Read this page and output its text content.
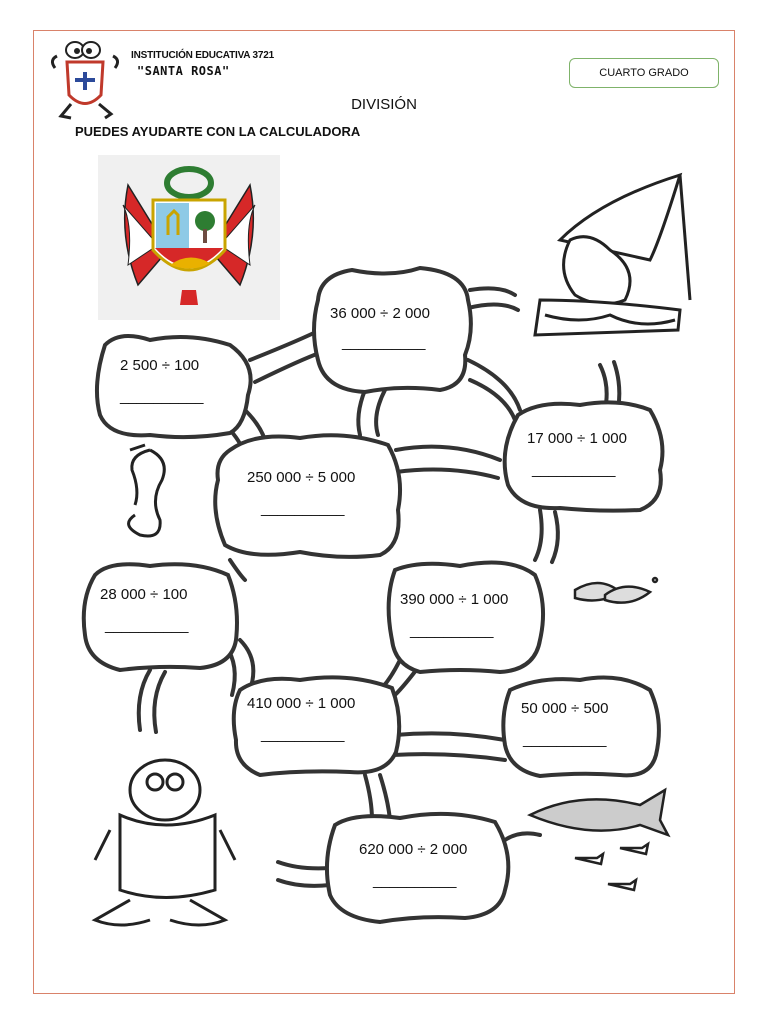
INSTITUCIÓN EDUCATIVA 3721
"SANTA ROSA"	CUARTO GRADO
DIVISIÓN
PUEDES AYUDARTE CON LA CALCULADORA
36 000 ÷ 2 000
__________
2 500 ÷ 100
__________
17 000 ÷ 1 000
__________
250 000 ÷ 5 000
__________
28 000 ÷ 100
__________
390 000 ÷ 1 000
__________
410 000 ÷ 1 000
__________
50 000 ÷ 500
__________
620 000 ÷ 2 000
__________
